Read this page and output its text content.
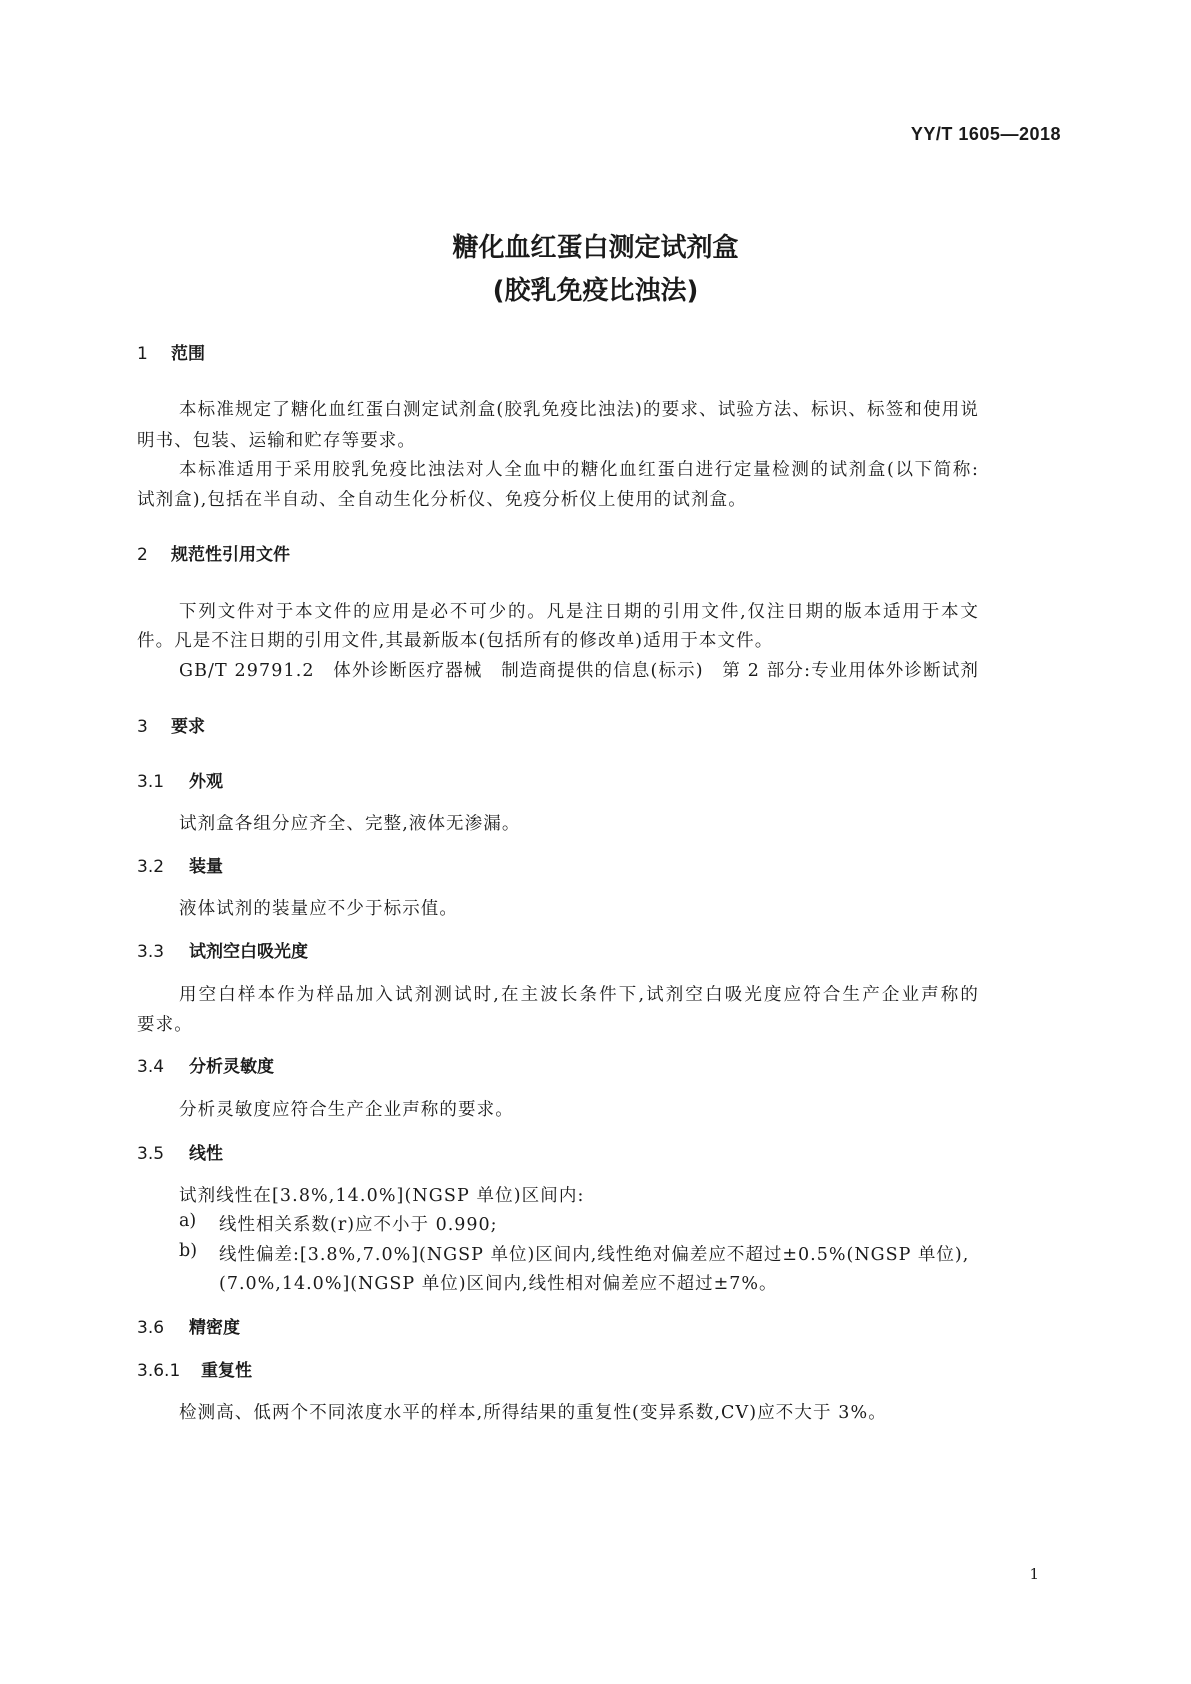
YY/T 1605—2018
糖化血红蛋白测定试剂盒
(胶乳免疫比浊法)
1 范围
本标准规定了糖化血红蛋白测定试剂盒(胶乳免疫比浊法)的要求、试验方法、标识、标签和使用说
明书、包装、运输和贮存等要求。
本标准适用于采用胶乳免疫比浊法对人全血中的糖化血红蛋白进行定量检测的试剂盒(以下简称:
试剂盒),包括在半自动、全自动生化分析仪、免疫分析仪上使用的试剂盒。
2 规范性引用文件
下列文件对于本文件的应用是必不可少的。凡是注日期的引用文件,仅注日期的版本适用于本文
件。凡是不注日期的引用文件,其最新版本(包括所有的修改单)适用于本文件。
GB/T 29791.2　体外诊断医疗器械　制造商提供的信息(标示)　第 2 部分:专业用体外诊断试剂
3 要求
3.1 外观
试剂盒各组分应齐全、完整,液体无渗漏。
3.2 装量
液体试剂的装量应不少于标示值。
3.3 试剂空白吸光度
用空白样本作为样品加入试剂测试时,在主波长条件下,试剂空白吸光度应符合生产企业声称的
要求。
3.4 分析灵敏度
分析灵敏度应符合生产企业声称的要求。
3.5 线性
试剂线性在[3.8%,14.0%](NGSP 单位)区间内:
a) 线性相关系数(r)应不小于 0.990;
b) 线性偏差:[3.8%,7.0%](NGSP 单位)区间内,线性绝对偏差应不超过±0.5%(NGSP 单位),
(7.0%,14.0%](NGSP 单位)区间内,线性相对偏差应不超过±7%。
3.6 精密度
3.6.1 重复性
检测高、低两个不同浓度水平的样本,所得结果的重复性(变异系数,CV)应不大于 3%。
1
